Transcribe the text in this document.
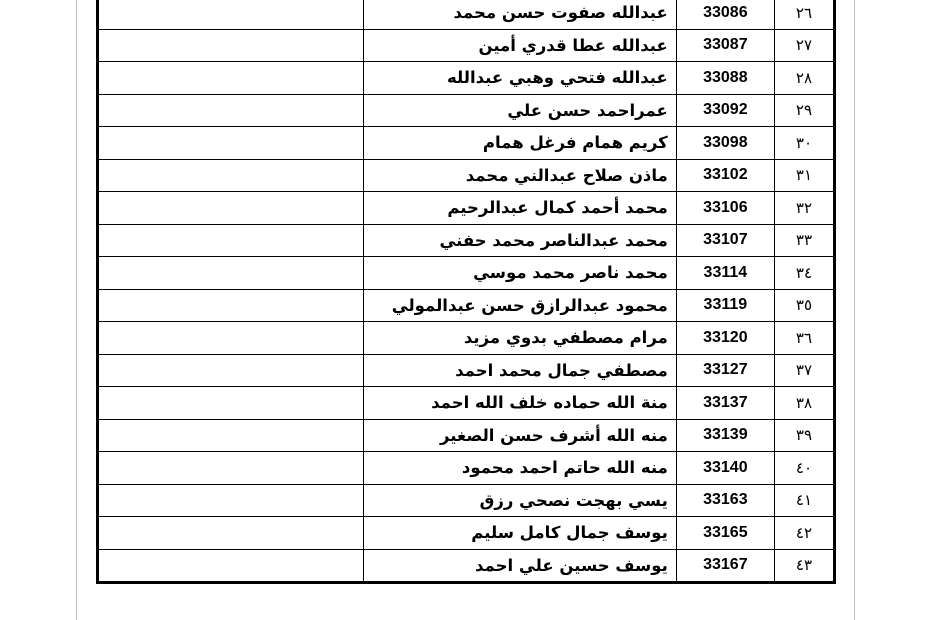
٢٦	33086	عبدالله صفوت حسن محمد	
٢٧	33087	عبدالله عطا قدري أمين	
٢٨	33088	عبدالله فتحي وهبي عبدالله	
٢٩	33092	عمراحمد حسن علي	
٣٠	33098	كريم همام فرغل همام	
٣١	33102	ماذن صلاح عبدالني محمد	
٣٢	33106	محمد أحمد كمال عبدالرحيم	
٣٣	33107	محمد عبدالناصر محمد حفني	
٣٤	33114	محمد ناصر محمد موسي	
٣٥	33119	محمود عبدالرازق حسن عبدالمولي	
٣٦	33120	مرام مصطفي بدوي مزيد	
٣٧	33127	مصطفي جمال محمد احمد	
٣٨	33137	منة الله حماده خلف الله احمد	
٣٩	33139	منه الله أشرف حسن الصغير	
٤٠	33140	منه الله حاتم احمد محمود	
٤١	33163	يسي بهجت نصحي رزق	
٤٢	33165	يوسف جمال كامل سليم	
٤٣	33167	يوسف حسين علي احمد	
